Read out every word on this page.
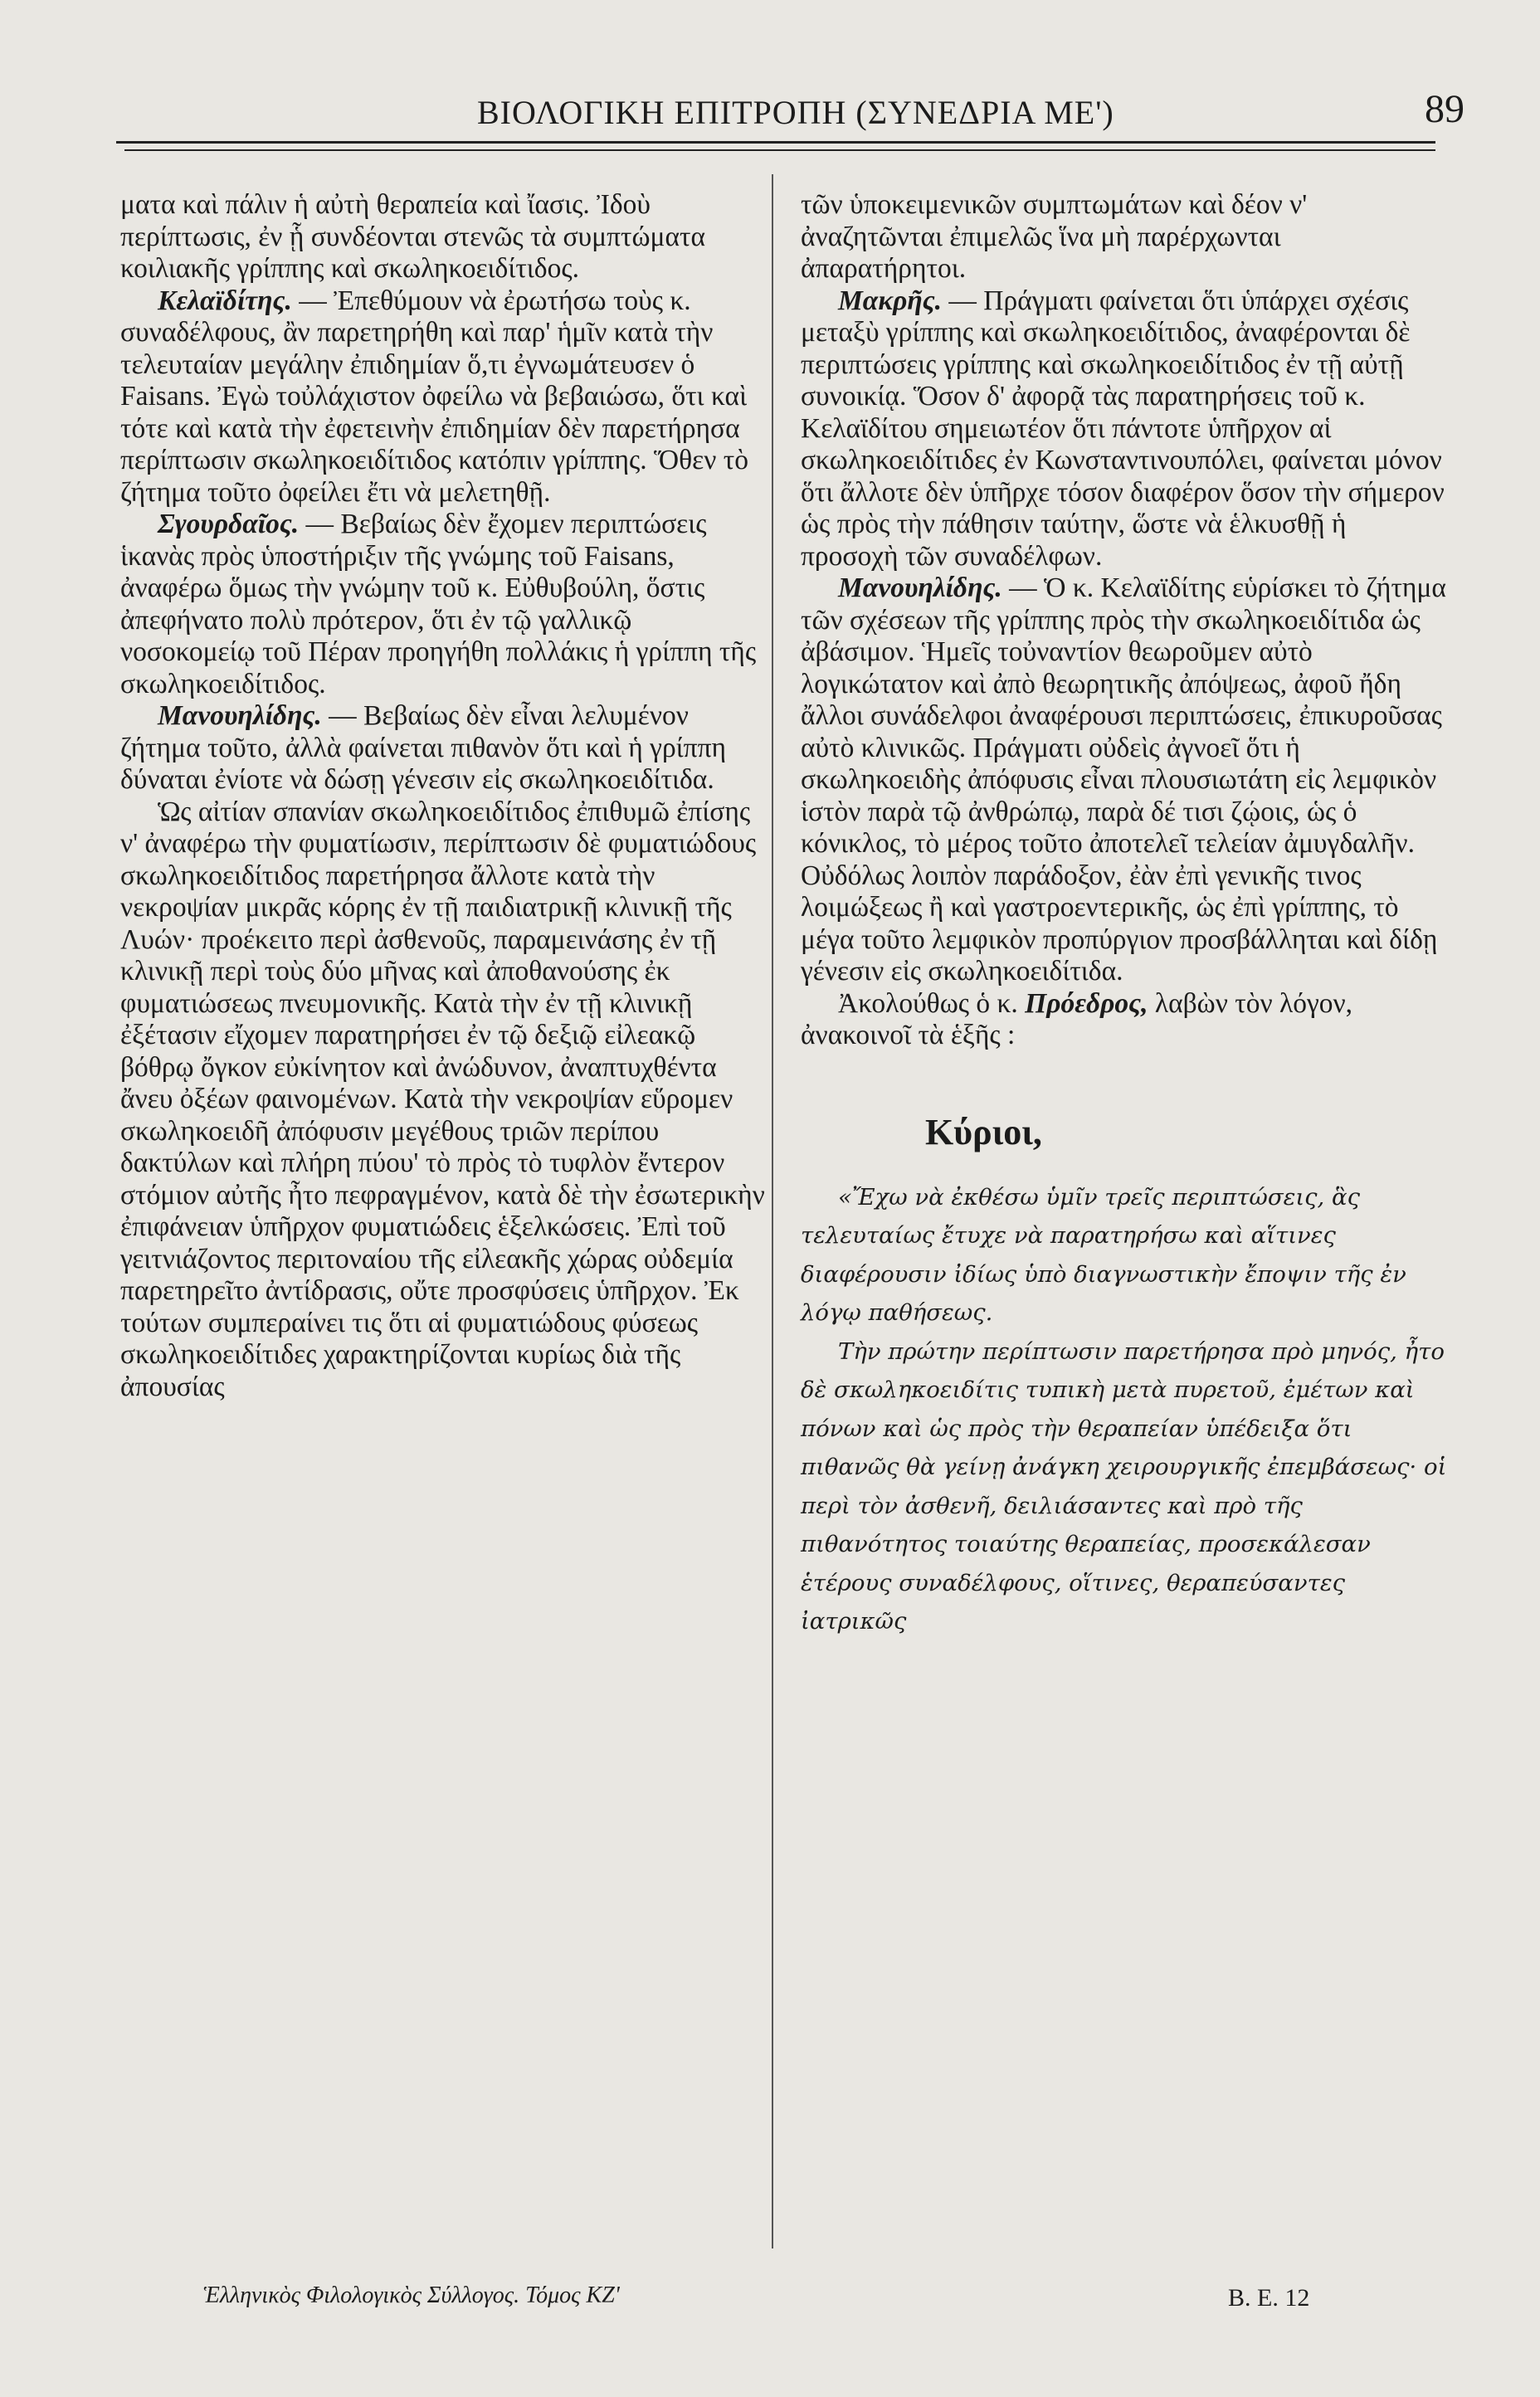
ΒΙΟΛΟΓΙΚΗ ΕΠΙΤΡΟΠΗ (ΣΥΝΕΔΡΙΑ ΜΕ')	89

ματα καὶ πάλιν ἡ αὐτὴ θεραπεία καὶ ἴασις. Ἰδοὺ περίπτωσις, ἐν ᾗ συνδέονται στενῶς τὰ συμπτώματα κοιλιακῆς γρίππης καὶ σκωληκοειδίτιδος.

Κελαϊδίτης. — Ἐπεθύμουν νὰ ἐρωτήσω τοὺς κ. συναδέλφους, ἂν παρετηρήθη καὶ παρ' ἡμῖν κατὰ τὴν τελευταίαν μεγάλην ἐπιδημίαν ὅ,τι ἐγνωμάτευσεν ὁ Faisans. Ἐγὼ τοὐλάχιστον ὀφείλω νὰ βεβαιώσω, ὅτι καὶ τότε καὶ κατὰ τὴν ἐφετεινὴν ἐπιδημίαν δὲν παρετήρησα περίπτωσιν σκωληκοειδίτιδος κατόπιν γρίππης. Ὅθεν τὸ ζήτημα τοῦτο ὀφείλει ἔτι νὰ μελετηθῇ.

Σγουρδαῖος. — Βεβαίως δὲν ἔχομεν περιπτώσεις ἱκανὰς πρὸς ὑποστήριξιν τῆς γνώμης τοῦ Faisans, ἀναφέρω ὅμως τὴν γνώμην τοῦ κ. Εὐθυβούλη, ὅστις ἀπεφήνατο πολὺ πρότερον, ὅτι ἐν τῷ γαλλικῷ νοσοκομείῳ τοῦ Πέραν προηγήθη πολλάκις ἡ γρίππη τῆς σκωληκοειδίτιδος.

Μανουηλίδης. — Βεβαίως δὲν εἶναι λελυμένον ζήτημα τοῦτο, ἀλλὰ φαίνεται πιθανὸν ὅτι καὶ ἡ γρίππη δύναται ἐνίοτε νὰ δώσῃ γένεσιν εἰς σκωληκοειδίτιδα.

Ὡς αἰτίαν σπανίαν σκωληκοειδίτιδος ἐπιθυμῶ ἐπίσης ν' ἀναφέρω τὴν φυματίωσιν, περίπτωσιν δὲ φυματιώδους σκωληκοειδίτιδος παρετήρησα ἄλλοτε κατὰ τὴν νεκροψίαν μικρᾶς κόρης ἐν τῇ παιδιατρικῇ κλινικῇ τῆς Λυών· προέκειτο περὶ ἀσθενοῦς, παραμεινάσης ἐν τῇ κλινικῇ περὶ τοὺς δύο μῆνας καὶ ἀποθανούσης ἐκ φυματιώσεως πνευμονικῆς. Κατὰ τὴν ἐν τῇ κλινικῇ ἐξέτασιν εἴχομεν παρατηρήσει ἐν τῷ δεξιῷ εἰλεακῷ βόθρῳ ὄγκον εὐκίνητον καὶ ἀνώδυνον, ἀναπτυχθέντα ἄνευ ὀξέων φαινομένων. Κατὰ τὴν νεκροψίαν εὕρομεν σκωληκοειδῆ ἀπόφυσιν μεγέθους τριῶν περίπου δακτύλων καὶ πλήρη πύου' τὸ πρὸς τὸ τυφλὸν ἔντερον στόμιον αὐτῆς ἦτο πεφραγμένον, κατὰ δὲ τὴν ἐσωτερικὴν ἐπιφάνειαν ὑπῆρχον φυματιώδεις ἑξελκώσεις. Ἐπὶ τοῦ γειτνιάζοντος περιτοναίου τῆς εἰλεακῆς χώρας οὐδεμία παρετηρεῖτο ἀντίδρασις, οὔτε προσφύσεις ὑπῆρχον. Ἐκ τούτων συμπεραίνει τις ὅτι αἱ φυματιώδους φύσεως σκωληκοειδίτιδες χαρακτηρίζονται κυρίως διὰ τῆς ἀπουσίας

τῶν ὑποκειμενικῶν συμπτωμάτων καὶ δέον ν' ἀναζητῶνται ἐπιμελῶς ἵνα μὴ παρέρχωνται ἀπαρατήρητοι.

Μακρῆς. — Πράγματι φαίνεται ὅτι ὑπάρχει σχέσις μεταξὺ γρίππης καὶ σκωληκοειδίτιδος, ἀναφέρονται δὲ περιπτώσεις γρίππης καὶ σκωληκοειδίτιδος ἐν τῇ αὐτῇ συνοικίᾳ. Ὅσον δ' ἀφορᾷ τὰς παρατηρήσεις τοῦ κ. Κελαϊδίτου σημειωτέον ὅτι πάντοτε ὑπῆρχον αἱ σκωληκοειδίτιδες ἐν Κωνσταντινουπόλει, φαίνεται μόνον ὅτι ἄλλοτε δὲν ὑπῆρχε τόσον διαφέρον ὅσον τὴν σήμερον ὡς πρὸς τὴν πάθησιν ταύτην, ὥστε νὰ ἑλκυσθῇ ἡ προσοχὴ τῶν συναδέλφων.

Μανουηλίδης. — Ὁ κ. Κελαϊδίτης εὑρίσκει τὸ ζήτημα τῶν σχέσεων τῆς γρίππης πρὸς τὴν σκωληκοειδίτιδα ὡς ἀβάσιμον. Ἡμεῖς τοὐναντίον θεωροῦμεν αὐτὸ λογικώτατον καὶ ἀπὸ θεωρητικῆς ἀπόψεως, ἀφοῦ ἤδη ἄλλοι συνάδελφοι ἀναφέρουσι περιπτώσεις, ἐπικυροῦσας αὐτὸ κλινικῶς. Πράγματι οὐδεὶς ἀγνοεῖ ὅτι ἡ σκωληκοειδὴς ἀπόφυσις εἶναι πλουσιωτάτη εἰς λεμφικὸν ἱστὸν παρὰ τῷ ἀνθρώπῳ, παρὰ δέ τισι ζῴοις, ὡς ὁ κόνικλος, τὸ μέρος τοῦτο ἀποτελεῖ τελείαν ἀμυγδαλῆν. Οὐδόλως λοιπὸν παράδοξον, ἐὰν ἐπὶ γενικῆς τινος λοιμώξεως ἢ καὶ γαστροεντερικῆς, ὡς ἐπὶ γρίππης, τὸ μέγα τοῦτο λεμφικὸν προπύργιον προσβάλληται καὶ δίδῃ γένεσιν εἰς σκωληκοειδίτιδα.

Ἀκολούθως ὁ κ. Πρόεδρος, λαβὼν τὸν λόγον, ἀνακοινοῖ τὰ ἑξῆς :

Κύριοι,

«Ἔχω νὰ ἐκθέσω ὑμῖν τρεῖς περιπτώσεις, ἃς τελευταίως ἔτυχε νὰ παρατηρήσω καὶ αἵτινες διαφέρουσιν ἰδίως ὑπὸ διαγνωστικὴν ἔποψιν τῆς ἐν λόγῳ παθήσεως.

Τὴν πρώτην περίπτωσιν παρετήρησα πρὸ μηνός, ἦτο δὲ σκωληκοειδίτις τυπικὴ μετὰ πυρετοῦ, ἐμέτων καὶ πόνων καὶ ὡς πρὸς τὴν θεραπείαν ὑπέδειξα ὅτι πιθανῶς θὰ γείνῃ ἀνάγκη χειρουργικῆς ἐπεμβάσεως· οἱ περὶ τὸν ἀσθενῆ, δειλιάσαντες καὶ πρὸ τῆς πιθανότητος τοιαύτης θεραπείας, προσεκάλεσαν ἑτέρους συναδέλφους, οἵτινες, θεραπεύσαντες ἰατρικῶς

Ἑλληνικὸς Φιλολογικὸς Σύλλογος. Τόμος ΚΖ'	Β. Ε. 12
